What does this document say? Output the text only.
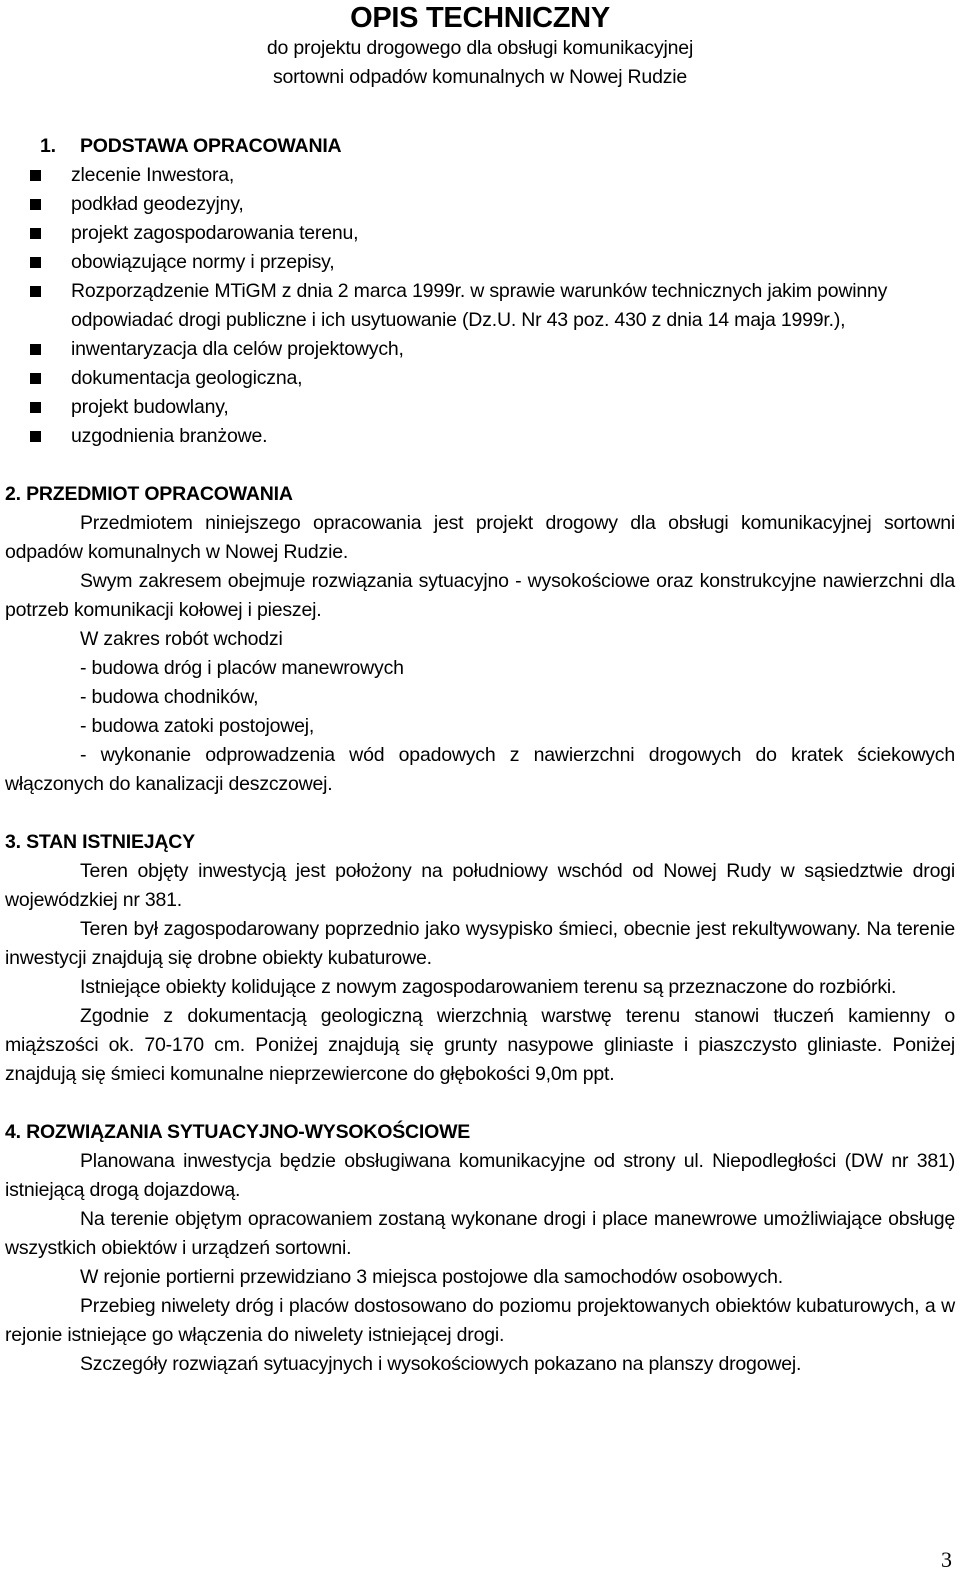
OPIS TECHNICZNY
do projektu drogowego dla obsługi komunikacyjnej
sortowni odpadów komunalnych w Nowej Rudzie
1. PODSTAWA OPRACOWANIA
zlecenie Inwestora,
podkład geodezyjny,
projekt zagospodarowania terenu,
obowiązujące normy i przepisy,
Rozporządzenie MTiGM z dnia 2 marca 1999r. w sprawie warunków technicznych jakim powinny odpowiadać drogi publiczne i ich usytuowanie (Dz.U. Nr 43 poz. 430 z dnia 14 maja 1999r.),
inwentaryzacja dla celów projektowych,
dokumentacja geologiczna,
projekt budowlany,
uzgodnienia branżowe.
2. PRZEDMIOT OPRACOWANIA

Przedmiotem niniejszego opracowania jest projekt drogowy dla obsługi komunikacyjnej sortowni odpadów komunalnych w Nowej Rudzie.

Swym zakresem obejmuje rozwiązania sytuacyjno - wysokościowe oraz konstrukcyjne nawierzchni dla potrzeb komunikacji kołowej i pieszej.

W zakres robót wchodzi

- budowa dróg i placów manewrowych

- budowa chodników,

- budowa zatoki postojowej,

- wykonanie odprowadzenia wód opadowych z nawierzchni drogowych do kratek ściekowych włączonych do kanalizacji deszczowej.

3. STAN ISTNIEJĄCY

Teren objęty inwestycją jest położony na południowy wschód od Nowej Rudy w sąsiedztwie drogi wojewódzkiej nr 381.

Teren był zagospodarowany poprzednio jako wysypisko śmieci, obecnie jest rekultywowany. Na terenie inwestycji znajdują się drobne obiekty kubaturowe.

Istniejące obiekty kolidujące z nowym zagospodarowaniem terenu są przeznaczone do rozbiórki.

Zgodnie z dokumentacją geologiczną wierzchnią warstwę terenu stanowi tłuczeń kamienny o miąższości ok. 70-170 cm. Poniżej znajdują się grunty nasypowe gliniaste i piaszczysto gliniaste. Poniżej znajdują się śmieci komunalne nieprzewiercone do głębokości 9,0m ppt.

4. ROZWIĄZANIA SYTUACYJNO-WYSOKOŚCIOWE

Planowana inwestycja będzie obsługiwana komunikacyjne od strony ul. Niepodległości (DW nr 381) istniejącą drogą dojazdową.

Na terenie objętym opracowaniem zostaną wykonane drogi i place manewrowe umożliwiające obsługę wszystkich obiektów i urządzeń sortowni.

W rejonie portierni przewidziano 3 miejsca postojowe dla samochodów osobowych.

Przebieg niwelety dróg i placów dostosowano do poziomu projektowanych obiektów kubaturowych, a w rejonie istniejące go włączenia do niwelety istniejącej drogi.

Szczegóły rozwiązań sytuacyjnych i wysokościowych pokazano na planszy drogowej.

3
